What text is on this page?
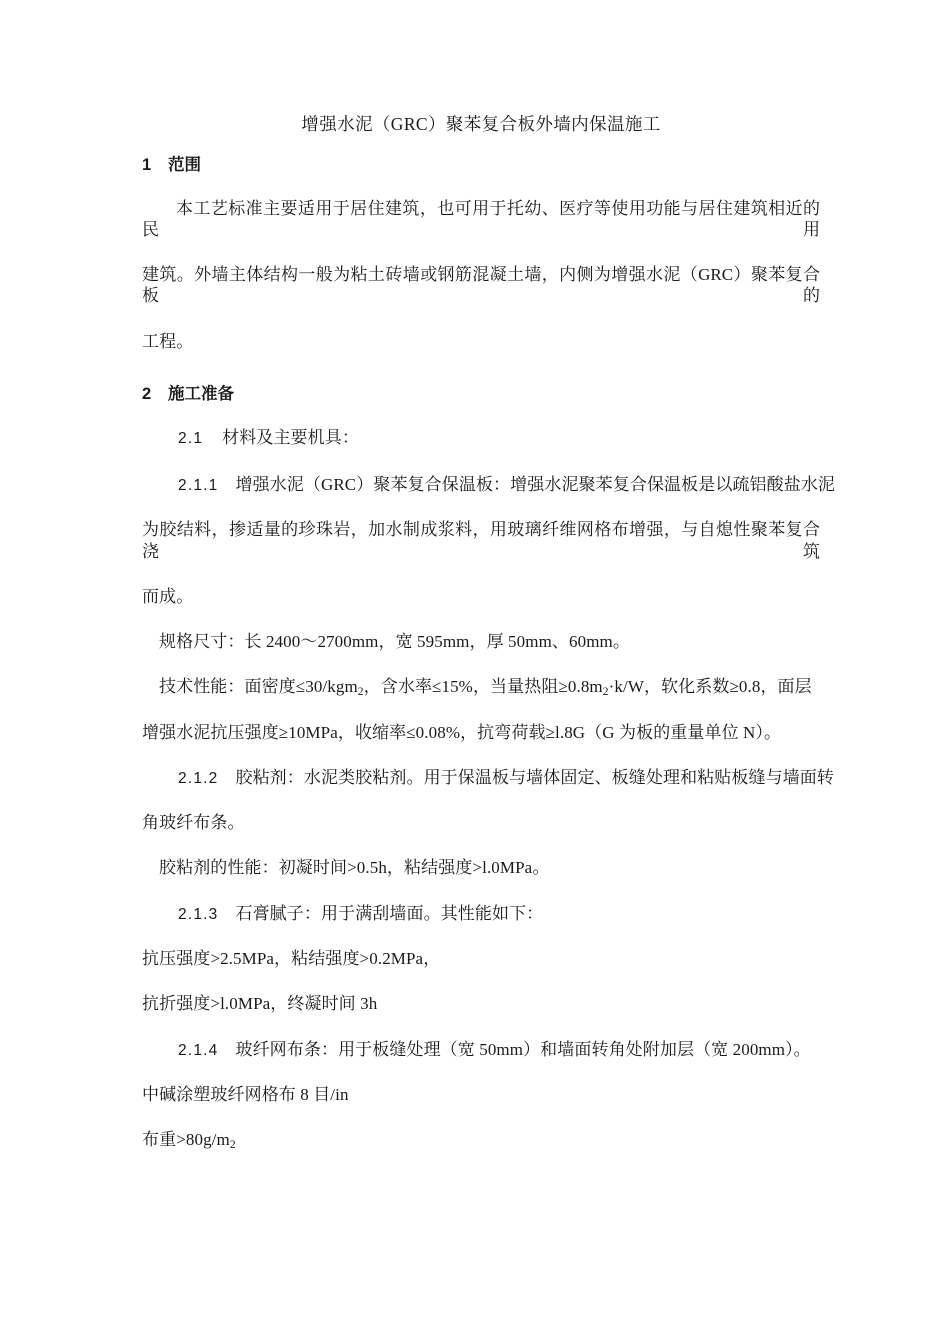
增强水泥（GRC）聚苯复合板外墙内保温施工
1 范围

本工艺标准主要适用于居住建筑，也可用于托幼、医疗等使用功能与居住建筑相近的民用

建筑。外墙主体结构一般为粘土砖墙或钢筋混凝土墙，内侧为增强水泥（GRC）聚苯复合板的

工程。

2 施工准备

2.1 材料及主要机具：

2.1.1 增强水泥（GRC）聚苯复合保温板：增强水泥聚苯复合保温板是以疏铝酸盐水泥

为胶结料，掺适量的珍珠岩，加水制成浆料，用玻璃纤维网格布增强，与自熄性聚苯复合浇筑

而成。

规格尺寸：长 2400～2700mm，宽 595mm，厚 50mm、60mm。

技术性能：面密度≤30/kgm$_2$，含水率≤15%，当量热阻$\ge 0.8m_2\cdot k/W$，软化系数≥0.8，面层

增强水泥抗压强度≥10MPa，收缩率≤0.08%，抗弯荷载≥l.8G（G 为板的重量单位 N）。

2.1.2 胶粘剂：水泥类胶粘剂。用于保温板与墙体固定、板缝处理和粘贴板缝与墙面转

角玻纤布条。

胶粘剂的性能：初凝时间>0.5h，粘结强度>l.0MPa。

2.1.3 石膏腻子：用于满刮墙面。其性能如下：

抗压强度>2.5MPa，粘结强度>0.2MPa，

抗折强度>l.0MPa，终凝时间 3h

2.1.4 玻纤网布条：用于板缝处理（宽 50mm）和墙面转角处附加层（宽 200mm）。

中碱涂塑玻纤网格布 8 目/in

布重$>80g/m_2$
